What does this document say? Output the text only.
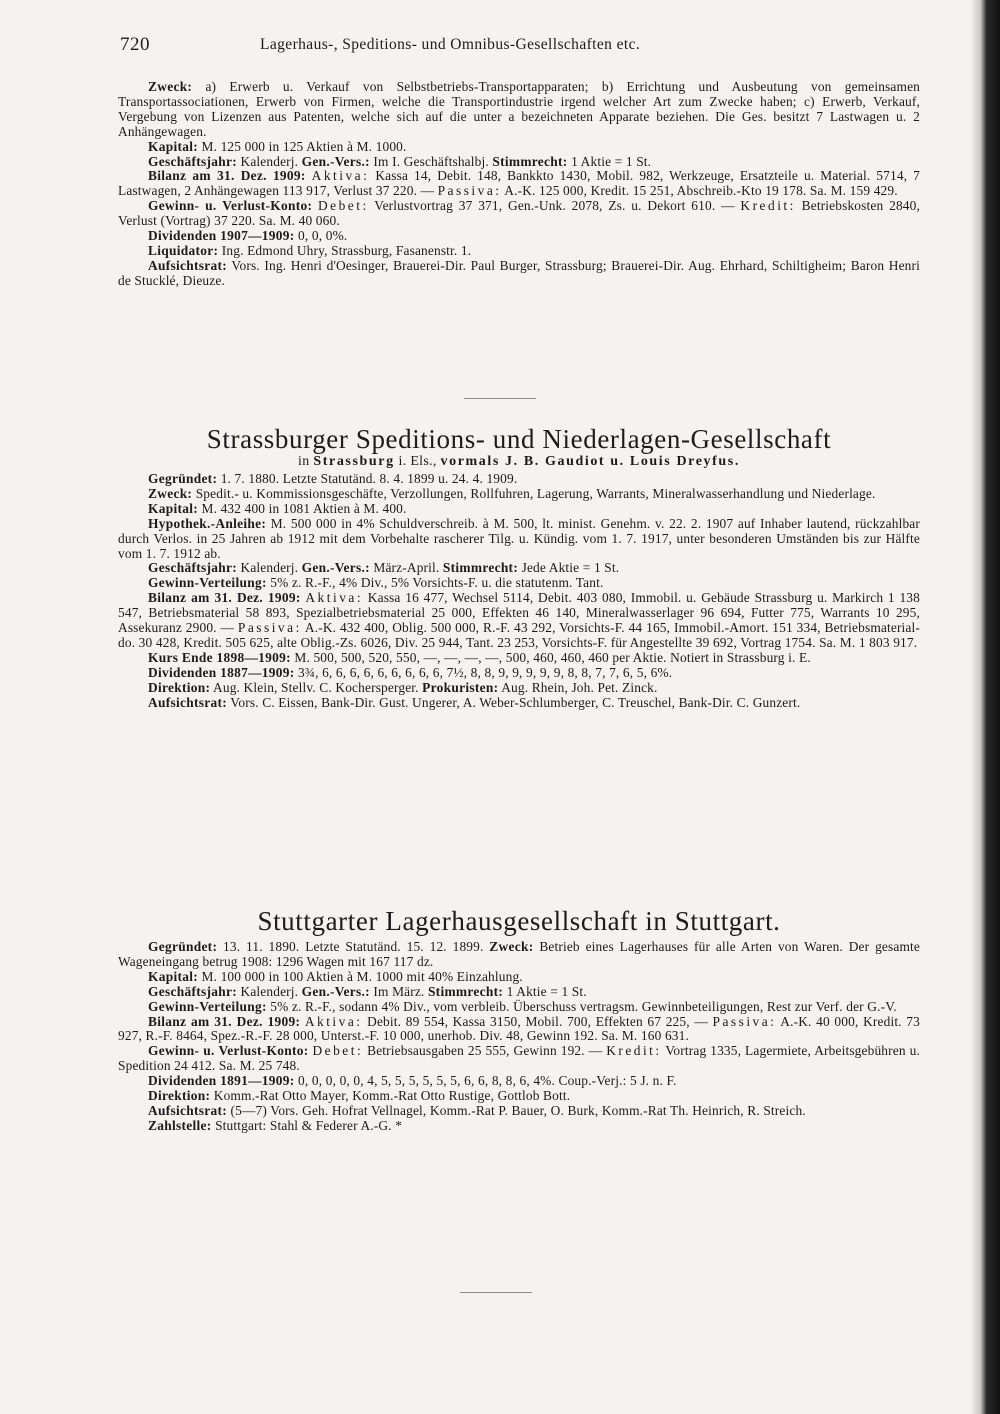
720	Lagerhaus-, Speditions- und Omnibus-Gesellschaften etc.

Zweck: a) Erwerb u. Verkauf von Selbstbetriebs-Transportapparaten; b) Errichtung und Ausbeutung von gemeinsamen Transportassociationen, Erwerb von Firmen, welche die Transportindustrie irgend welcher Art zum Zwecke haben; c) Erwerb, Verkauf, Vergebung von Lizenzen aus Patenten, welche sich auf die unter a bezeichneten Apparate beziehen. Die Ges. besitzt 7 Lastwagen u. 2 Anhängewagen.

Kapital: M. 125 000 in 125 Aktien à M. 1000.

Geschäftsjahr: Kalenderj. Gen.-Vers.: Im I. Geschäftshalbj. Stimmrecht: 1 Aktie = 1 St.

Bilanz am 31. Dez. 1909: Aktiva: Kassa 14, Debit. 148, Bankkto 1430, Mobil. 982, Werkzeuge, Ersatzteile u. Material. 5714, 7 Lastwagen, 2 Anhängewagen 113 917, Verlust 37 220. — Passiva: A.-K. 125 000, Kredit. 15 251, Abschreib.-Kto 19 178. Sa. M. 159 429.

Gewinn- u. Verlust-Konto: Debet: Verlustvortrag 37 371, Gen.-Unk. 2078, Zs. u. Dekort 610. — Kredit: Betriebskosten 2840, Verlust (Vortrag) 37 220. Sa. M. 40 060.

Dividenden 1907—1909: 0, 0, 0%.

Liquidator: Ing. Edmond Uhry, Strassburg, Fasanenstr. 1.

Aufsichtsrat: Vors. Ing. Henri d'Oesinger, Brauerei-Dir. Paul Burger, Strassburg; Brauerei-Dir. Aug. Ehrhard, Schiltigheim; Baron Henri de Stucklé, Dieuze.

Strassburger Speditions- und Niederlagen-Gesellschaft

in Strassburg i. Els., vormals J. B. Gaudiot u. Louis Dreyfus.

Gegründet: 1. 7. 1880. Letzte Statutänd. 8. 4. 1899 u. 24. 4. 1909.

Zweck: Spedit.- u. Kommissionsgeschäfte, Verzollungen, Rollfuhren, Lagerung, Warrants, Mineralwasserhandlung und Niederlage.

Kapital: M. 432 400 in 1081 Aktien à M. 400.

Hypothek.-Anleihe: M. 500 000 in 4% Schuldverschreib. à M. 500, lt. minist. Genehm. v. 22. 2. 1907 auf Inhaber lautend, rückzahlbar durch Verlos. in 25 Jahren ab 1912 mit dem Vorbehalte rascherer Tilg. u. Kündig. vom 1. 7. 1917, unter besonderen Umständen bis zur Hälfte vom 1. 7. 1912 ab.

Geschäftsjahr: Kalenderj. Gen.-Vers.: März-April. Stimmrecht: Jede Aktie = 1 St.

Gewinn-Verteilung: 5% z. R.-F., 4% Div., 5% Vorsichts-F. u. die statutenm. Tant.

Bilanz am 31. Dez. 1909: Aktiva: Kassa 16 477, Wechsel 5114, Debit. 403 080, Immobil. u. Gebäude Strassburg u. Markirch 1 138 547, Betriebsmaterial 58 893, Spezialbetriebsmaterial 25 000, Effekten 46 140, Mineralwasserlager 96 694, Futter 775, Warrants 10 295, Assekuranz 2900. — Passiva: A.-K. 432 400, Oblig. 500 000, R.-F. 43 292, Vorsichts-F. 44 165, Immobil.-Amort. 151 334, Betriebsmaterial- do. 30 428, Kredit. 505 625, alte Oblig.-Zs. 6026, Div. 25 944, Tant. 23 253, Vorsichts-F. für Angestellte 39 692, Vortrag 1754. Sa. M. 1 803 917.

Kurs Ende 1898—1909: M. 500, 500, 520, 550, —, —, —, —, 500, 460, 460, 460 per Aktie. Notiert in Strassburg i. E.

Dividenden 1887—1909: 3¾, 6, 6, 6, 6, 6, 6, 6, 6, 6, 7½, 8, 8, 9, 9, 9, 9, 9, 8, 8, 7, 7, 6, 5, 6%.

Direktion: Aug. Klein, Stellv. C. Kochersperger. Prokuristen: Aug. Rhein, Joh. Pet. Zinck.

Aufsichtsrat: Vors. C. Eissen, Bank-Dir. Gust. Ungerer, A. Weber-Schlumberger, C. Treuschel, Bank-Dir. C. Gunzert.

Stuttgarter Lagerhausgesellschaft in Stuttgart.

Gegründet: 13. 11. 1890. Letzte Statutänd. 15. 12. 1899. Zweck: Betrieb eines Lagerhauses für alle Arten von Waren. Der gesamte Wageneingang betrug 1908: 1296 Wagen mit 167 117 dz.

Kapital: M. 100 000 in 100 Aktien à M. 1000 mit 40% Einzahlung.

Geschäftsjahr: Kalenderj. Gen.-Vers.: Im März. Stimmrecht: 1 Aktie = 1 St.

Gewinn-Verteilung: 5% z. R.-F., sodann 4% Div., vom verbleib. Überschuss vertragsm. Gewinnbeteiligungen, Rest zur Verf. der G.-V.

Bilanz am 31. Dez. 1909: Aktiva: Debit. 89 554, Kassa 3150, Mobil. 700, Effekten 67 225, — Passiva: A.-K. 40 000, Kredit. 73 927, R.-F. 8464, Spez.-R.-F. 28 000, Unterst.-F. 10 000, unerhob. Div. 48, Gewinn 192. Sa. M. 160 631.

Gewinn- u. Verlust-Konto: Debet: Betriebsausgaben 25 555, Gewinn 192. — Kredit: Vortrag 1335, Lagermiete, Arbeitsgebühren u. Spedition 24 412. Sa. M. 25 748.

Dividenden 1891—1909: 0, 0, 0, 0, 0, 4, 5, 5, 5, 5, 5, 5, 6, 6, 8, 8, 6, 4%. Coup.-Verj.: 5 J. n. F.

Direktion: Komm.-Rat Otto Mayer, Komm.-Rat Otto Rustige, Gottlob Bott.

Aufsichtsrat: (5—7) Vors. Geh. Hofrat Vellnagel, Komm.-Rat P. Bauer, O. Burk, Komm.-Rat Th. Heinrich, R. Streich.

Zahlstelle: Stuttgart: Stahl & Federer A.-G. *
